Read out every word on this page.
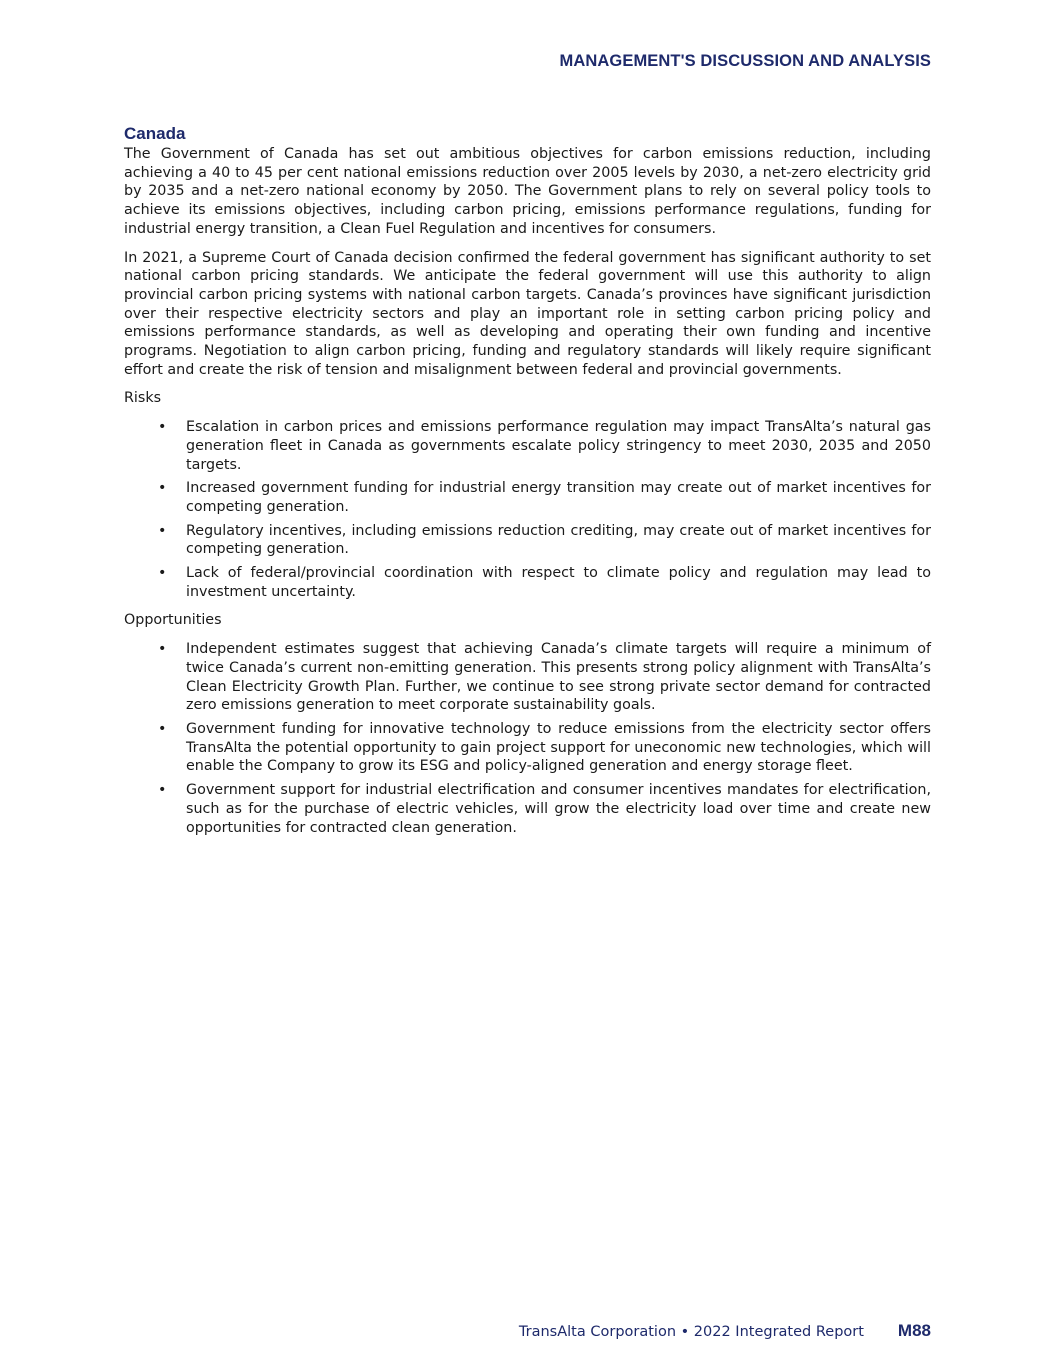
MANAGEMENT'S DISCUSSION AND ANALYSIS
Canada

The Government of Canada has set out ambitious objectives for carbon emissions reduction, including achieving a 40 to 45 per cent national emissions reduction over 2005 levels by 2030, a net-zero electricity grid by 2035 and a net-zero national economy by 2050. The Government plans to rely on several policy tools to achieve its emissions objectives, including carbon pricing, emissions performance regulations, funding for industrial energy transition, a Clean Fuel Regulation and incentives for consumers.

In 2021, a Supreme Court of Canada decision confirmed the federal government has significant authority to set national carbon pricing standards. We anticipate the federal government will use this authority to align provincial carbon pricing systems with national carbon targets. Canada’s provinces have significant jurisdiction over their respective electricity sectors and play an important role in setting carbon pricing policy and emissions performance standards, as well as developing and operating their own funding and incentive programs. Negotiation to align carbon pricing, funding and regulatory standards will likely require significant effort and create the risk of tension and misalignment between federal and provincial governments.

Risks

• Escalation in carbon prices and emissions performance regulation may impact TransAlta’s natural gas generation fleet in Canada as governments escalate policy stringency to meet 2030, 2035 and 2050 targets.
• Increased government funding for industrial energy transition may create out of market incentives for competing generation.
• Regulatory incentives, including emissions reduction crediting, may create out of market incentives for competing generation.
• Lack of federal/provincial coordination with respect to climate policy and regulation may lead to investment uncertainty.

Opportunities

• Independent estimates suggest that achieving Canada’s climate targets will require a minimum of twice Canada’s current non-emitting generation. This presents strong policy alignment with TransAlta’s Clean Electricity Growth Plan. Further, we continue to see strong private sector demand for contracted zero emissions generation to meet corporate sustainability goals.
• Government funding for innovative technology to reduce emissions from the electricity sector offers TransAlta the potential opportunity to gain project support for uneconomic new technologies, which will enable the Company to grow its ESG and policy-aligned generation and energy storage fleet.
• Government support for industrial electrification and consumer incentives mandates for electrification, such as for the purchase of electric vehicles, will grow the electricity load over time and create new opportunities for contracted clean generation.
TransAlta Corporation • 2022 Integrated Report M88
